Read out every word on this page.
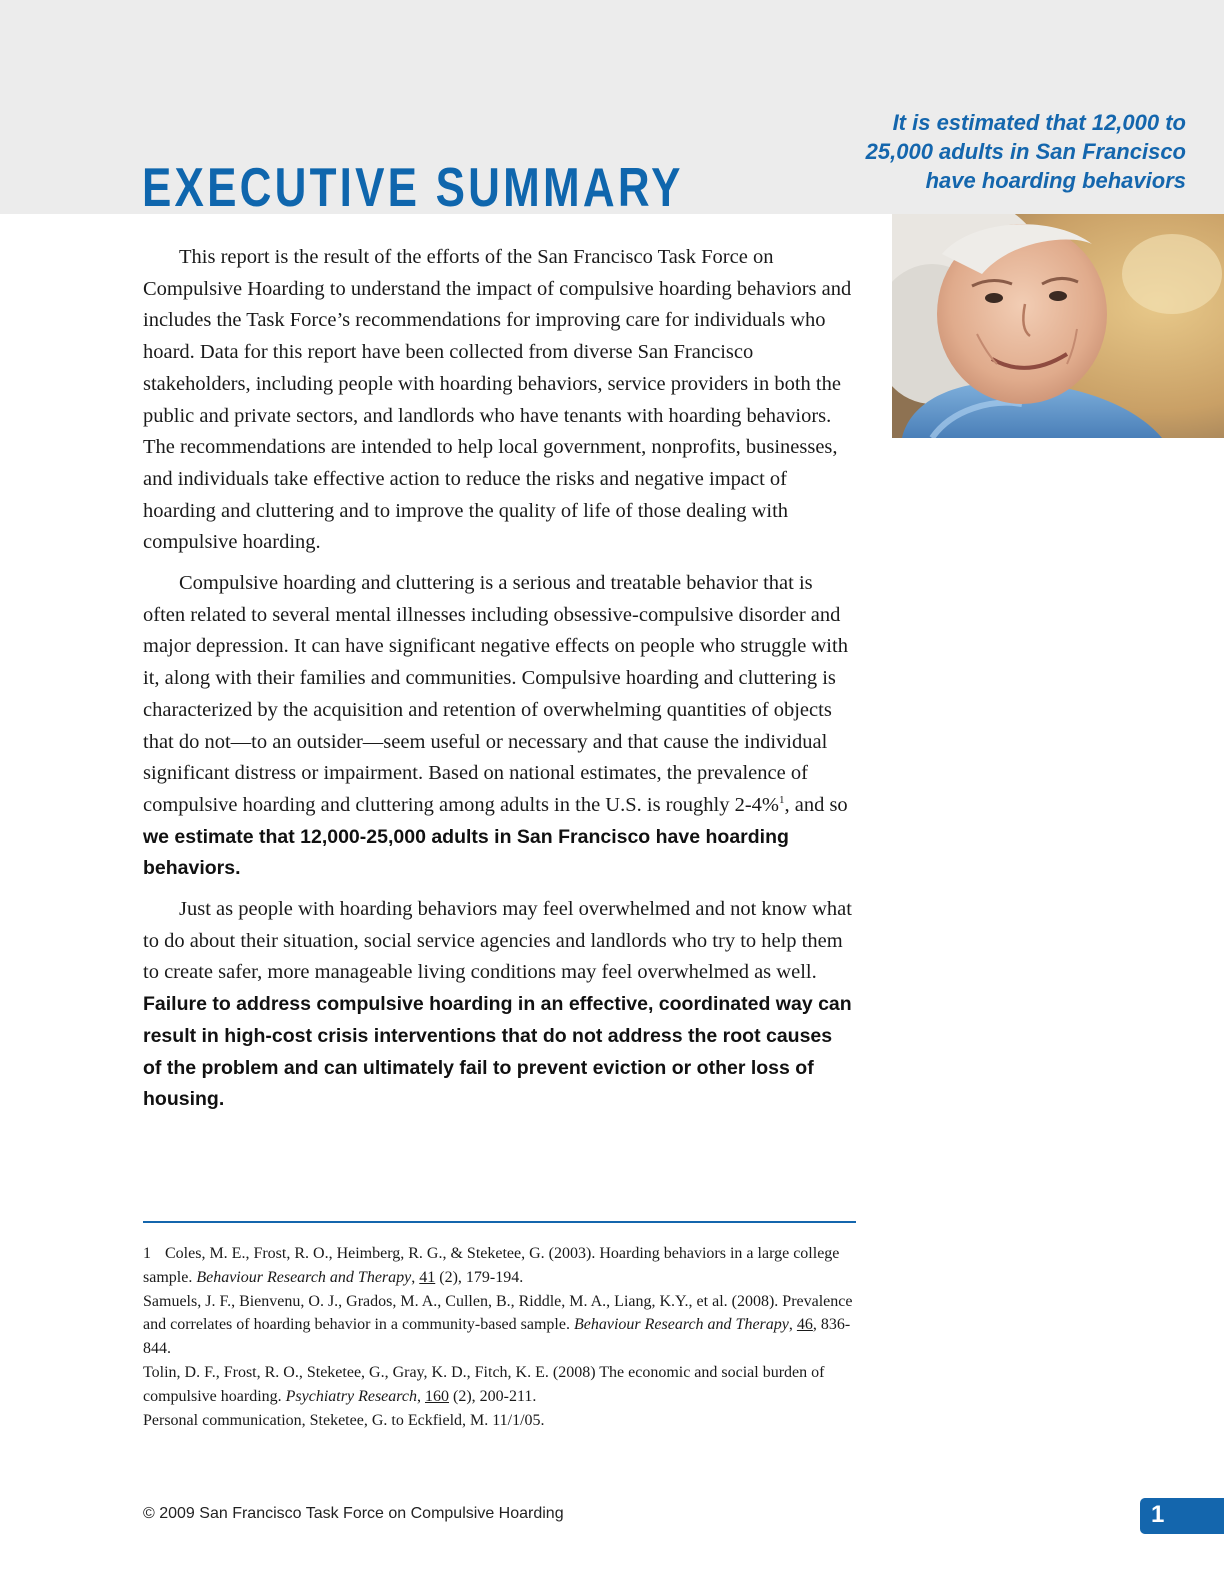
EXECUTIVE SUMMARY
It is estimated that 12,000 to
25,000 adults in San Francisco
have hoarding behaviors

This report is the result of the efforts of the San Francisco Task Force on Compulsive Hoarding to understand the impact of compulsive hoarding behaviors and includes the Task Force’s recommendations for improving care for individuals who hoard. Data for this report have been collected from diverse San Francisco stakeholders, including people with hoarding behaviors, service providers in both the public and private sectors, and landlords who have tenants with hoarding behaviors. The recommendations are intended to help local government, nonprofits, businesses, and individuals take effective action to reduce the risks and negative impact of hoarding and cluttering and to improve the quality of life of those dealing with compulsive hoarding.

Compulsive hoarding and cluttering is a serious and treatable behavior that is often related to several mental illnesses including obsessive-compulsive disorder and major depression. It can have significant negative effects on people who struggle with it, along with their families and communities. Compulsive hoarding and cluttering is characterized by the acquisition and retention of overwhelming quantities of objects that do not—to an outsider—seem useful or necessary and that cause the individual significant distress or impairment. Based on national estimates, the prevalence of compulsive hoarding and cluttering among adults in the U.S. is roughly 2-4%$^1$, and so we estimate that 12,000-25,000 adults in San Francisco have hoarding behaviors.

Just as people with hoarding behaviors may feel overwhelmed and not know what to do about their situation, social service agencies and landlords who try to help them to create safer, more manageable living conditions may feel overwhelmed as well. Failure to address compulsive hoarding in an effective, coordinated way can result in high-cost crisis interventions that do not address the root causes of the problem and can ultimately fail to prevent eviction or other loss of housing.

1 Coles, M. E., Frost, R. O., Heimberg, R. G., & Steketee, G. (2003). Hoarding behaviors in a large college sample. Behaviour Research and Therapy, 41 (2), 179-194.

Samuels, J. F., Bienvenu, O. J., Grados, M. A., Cullen, B., Riddle, M. A., Liang, K.Y., et al. (2008). Prevalence and correlates of hoarding behavior in a community-based sample. Behaviour Research and Therapy, 46, 836-844.

Tolin, D. F., Frost, R. O., Steketee, G., Gray, K. D., Fitch, K. E. (2008) The economic and social burden of compulsive hoarding. Psychiatry Research, 160 (2), 200-211.

Personal communication, Steketee, G. to Eckfield, M. 11/1/05.

© 2009 San Francisco Task Force on Compulsive Hoarding	1
